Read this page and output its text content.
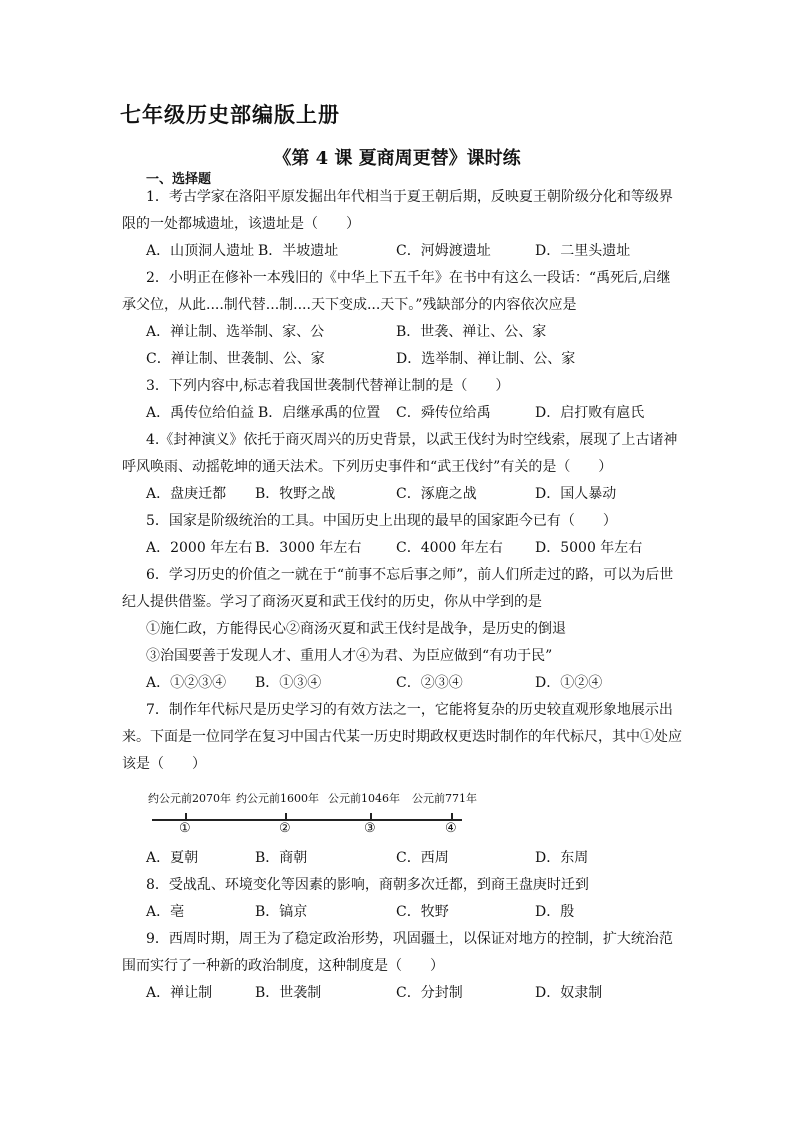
七年级历史部编版上册
《第 4 课 夏商周更替》课时练
一、选择题
1．考古学家在洛阳平原发掘出年代相当于夏王朝后期，反映夏王朝阶级分化和等级界
限的一处都城遗址，该遗址是（　　）
A．山顶洞人遗址 B．半坡遗址	C．河姆渡遗址	D．二里头遗址
2．小明正在修补一本残旧的《中华上下五千年》在书中有这么一段话：“禹死后,启继
承父位，从此....制代替...制....天下变成...天下。”残缺部分的内容依次应是
A．禅让制、选举制、家、公	B．世袭、禅让、公、家
C．禅让制、世袭制、公、家	D．选举制、禅让制、公、家
3．下列内容中,标志着我国世袭制代替禅让制的是（　　）
A．禹传位给伯益 B．启继承禹的位置 C．舜传位给禹	D．启打败有扈氏
4.《封神演义》依托于商灭周兴的历史背景，以武王伐纣为时空线索，展现了上古诸神
呼风唤雨、动摇乾坤的通天法术。下列历史事件和“武王伐纣”有关的是（　　）
A．盘庚迁都 B．牧野之战	C．涿鹿之战	D．国人暴动
5．国家是阶级统治的工具。中国历史上出现的最早的国家距今已有（　　）
A．2000 年左右 B．3000 年左右 C．4000 年左右 D．5000 年左右
6．学习历史的价值之一就在于“前事不忘后事之师”，前人们所走过的路，可以为后世
纪人提供借鉴。学习了商汤灭夏和武王伐纣的历史，你从中学到的是
①施仁政，方能得民心②商汤灭夏和武王伐纣是战争，是历史的倒退
③治国要善于发现人才、重用人才④为君、为臣应做到“有功于民”
A．①②③④ B．①③④	C．②③④	D．①②④
7．制作年代标尺是历史学习的有效方法之一，它能将复杂的历史较直观形象地展示出
来。下面是一位同学在复习中国古代某一历史时期政权更迭时制作的年代标尺，其中①处应
该是（　　）
约公元前2070年 约公元前1600年 公元前1046年 公元前771年
①	②	③	④
A．夏朝	B．商朝	C．西周	D．东周
8．受战乱、环境变化等因素的影响，商朝多次迁都，到商王盘庚时迁到
A．亳	B．镐京	C．牧野	D．殷
9．西周时期，周王为了稳定政治形势，巩固疆土，以保证对地方的控制，扩大统治范
围而实行了一种新的政治制度，这种制度是（　　）
A．禅让制	B．世袭制	C．分封制	D．奴隶制
